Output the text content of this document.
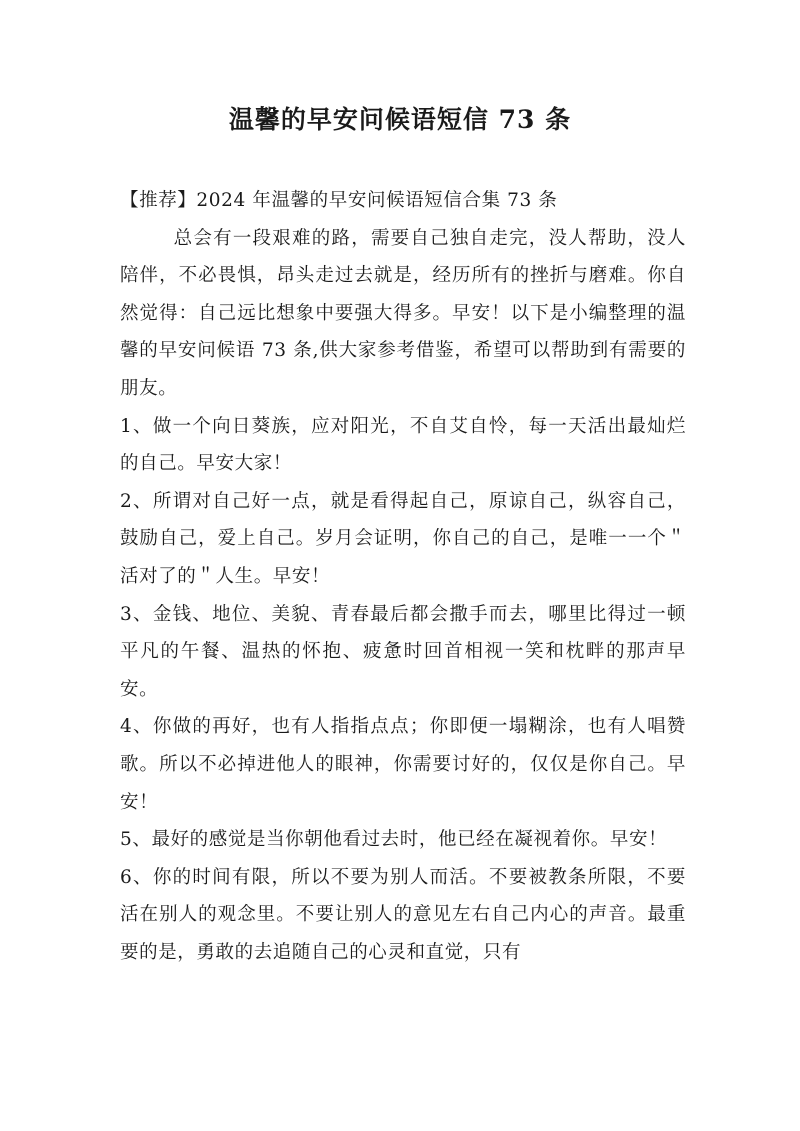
温馨的早安问候语短信 73 条

【推荐】2024 年温馨的早安问候语短信合集 73 条

总会有一段艰难的路，需要自己独自走完，没人帮助，没人陪伴，不必畏惧，昂头走过去就是，经历所有的挫折与磨难。你自然觉得：自己远比想象中要强大得多。早安！以下是小编整理的温馨的早安问候语 73 条,供大家参考借鉴，希望可以帮助到有需要的朋友。

1、做一个向日葵族，应对阳光，不自艾自怜，每一天活出最灿烂的自己。早安大家！

2、所谓对自己好一点，就是看得起自己，原谅自己，纵容自己，鼓励自己，爱上自己。岁月会证明，你自己的自己，是唯一一个＂活对了的＂人生。早安！

3、金钱、地位、美貌、青春最后都会撒手而去，哪里比得过一顿平凡的午餐、温热的怀抱、疲惫时回首相视一笑和枕畔的那声早安。

4、你做的再好，也有人指指点点；你即便一塌糊涂，也有人唱赞歌。所以不必掉进他人的眼神，你需要讨好的，仅仅是你自己。早安！

5、最好的感觉是当你朝他看过去时，他已经在凝视着你。早安！

6、你的时间有限，所以不要为别人而活。不要被教条所限，不要活在别人的观念里。不要让别人的意见左右自己内心的声音。最重要的是，勇敢的去追随自己的心灵和直觉，只有
